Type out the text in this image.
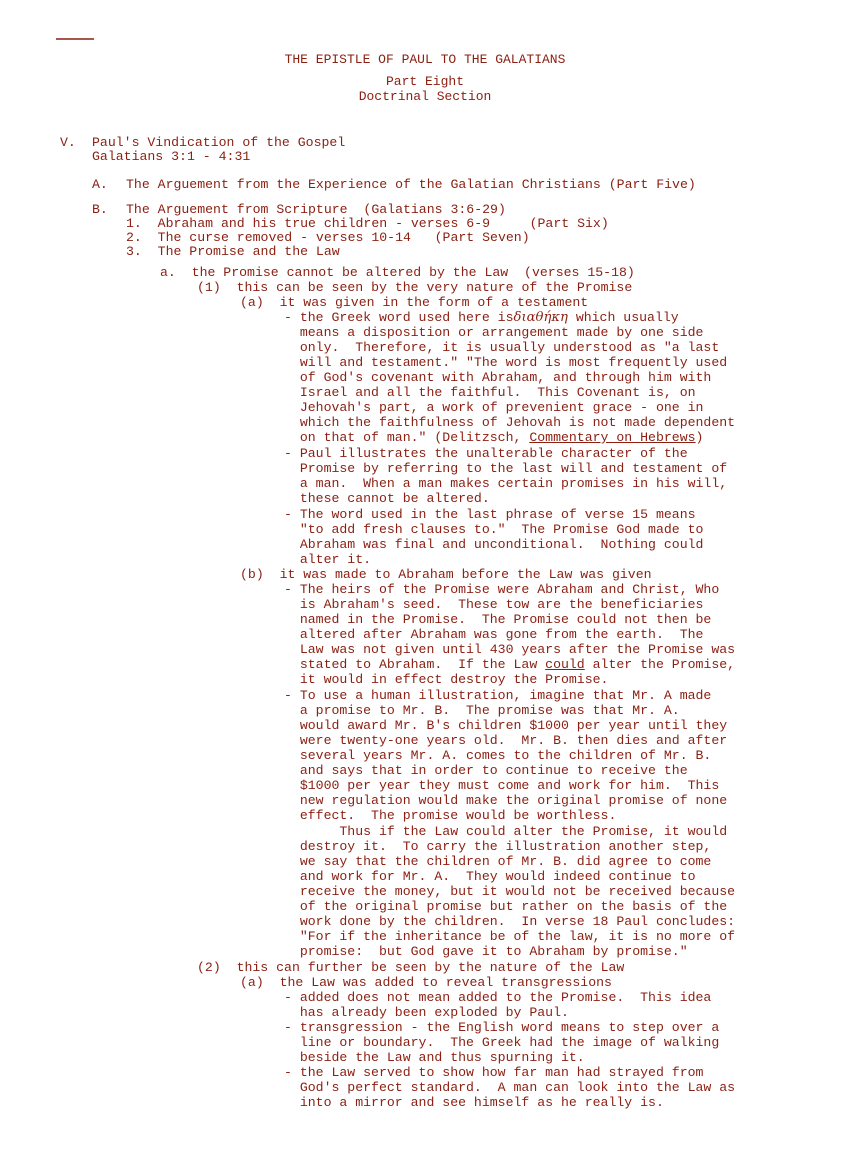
THE EPISTLE OF PAUL TO THE GALATIANS
Part Eight
Doctrinal Section
V. Paul's Vindication of the Gospel
Galatians 3:1 - 4:31
A. The Arguement from the Experience of the Galatian Christians (Part Five)
B. The Arguement from Scripture  (Galatians 3:6-29)
1.  Abraham and his true children - verses 6-9     (Part Six)
2.  The curse removed - verses 10-14   (Part Seven)
3.  The Promise and the Law
a.  the Promise cannot be altered by the Law  (verses 15-18)
(1)  this can be seen by the very nature of the Promise
(a)  it was given in the form of a testament
- the Greek word used here isδιαθήκη which usually
means a disposition or arrangement made by one side
only.  Therefore, it is usually understood as "a last
will and testament." "The word is most frequently used
of God's covenant with Abraham, and through him with
Israel and all the faithful.  This Covenant is, on
Jehovah's part, a work of prevenient grace - one in
which the faithfulness of Jehovah is not made dependent
on that of man." (Delitzsch, Commentary on Hebrews)
- Paul illustrates the unalterable character of the
Promise by referring to the last will and testament of
a man.  When a man makes certain promises in his will,
these cannot be altered.
- The word used in the last phrase of verse 15 means
"to add fresh clauses to."  The Promise God made to
Abraham was final and unconditional.  Nothing could
alter it.
(b)  it was made to Abraham before the Law was given
- The heirs of the Promise were Abraham and Christ, Who
is Abraham's seed.  These tow are the beneficiaries
named in the Promise.  The Promise could not then be
altered after Abraham was gone from the earth.  The
Law was not given until 430 years after the Promise was
stated to Abraham.  If the Law could alter the Promise,
it would in effect destroy the Promise.
- To use a human illustration, imagine that Mr. A made
a promise to Mr. B.  The promise was that Mr. A.
would award Mr. B's children $1000 per year until they
were twenty-one years old.  Mr. B. then dies and after
several years Mr. A. comes to the children of Mr. B.
and says that in order to continue to receive the
$1000 per year they must come and work for him.  This
new regulation would make the original promise of none
effect.  The promise would be worthless.
Thus if the Law could alter the Promise, it would
destroy it.  To carry the illustration another step,
we say that the children of Mr. B. did agree to come
and work for Mr. A.  They would indeed continue to
receive the money, but it would not be received because
of the original promise but rather on the basis of the
work done by the children.  In verse 18 Paul concludes:
"For if the inheritance be of the law, it is no more of
promise:  but God gave it to Abraham by promise."
(2)  this can further be seen by the nature of the Law
(a)  the Law was added to reveal transgressions
- added does not mean added to the Promise.  This idea
has already been exploded by Paul.
- transgression - the English word means to step over a
line or boundary.  The Greek had the image of walking
beside the Law and thus spurning it.
- the Law served to show how far man had strayed from
God's perfect standard.  A man can look into the Law as
into a mirror and see himself as he really is.
